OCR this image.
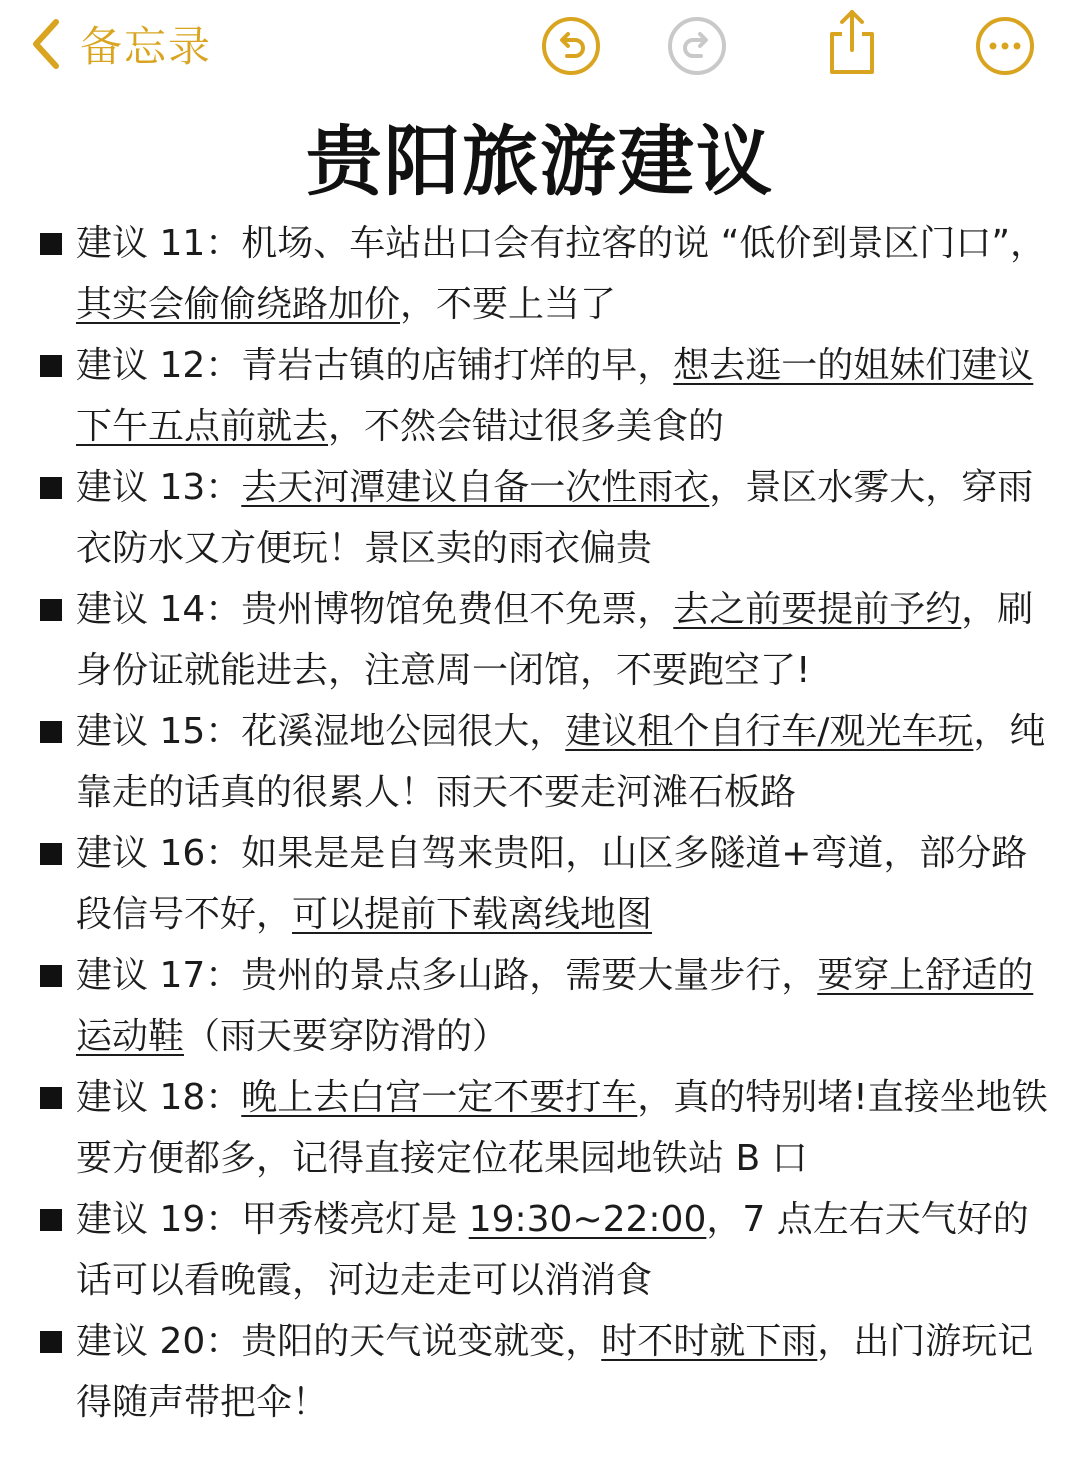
备忘录
贵阳旅游建议
建议 11：机场、车站出口会有拉客的说 “低价到景区门口”，其实会偷偷绕路加价，不要上当了
建议 12：青岩古镇的店铺打烊的早，想去逛一的姐妹们建议下午五点前就去，不然会错过很多美食的
建议 13：去天河潭建议自备一次性雨衣，景区水雾大，穿雨衣防水又方便玩！景区卖的雨衣偏贵
建议 14：贵州博物馆免费但不免票，去之前要提前予约，刷身份证就能进去，注意周一闭馆，不要跑空了!
建议 15：花溪湿地公园很大，建议租个自行车/观光车玩，纯靠走的话真的很累人！雨天不要走河滩石板路
建议 16：如果是是自驾来贵阳，山区多隧道+弯道，部分路段信号不好，可以提前下载离线地图
建议 17：贵州的景点多山路，需要大量步行，要穿上舒适的运动鞋（雨天要穿防滑的）
建议 18：晚上去白宫一定不要打车，真的特别堵!直接坐地铁要方便都多，记得直接定位花果园地铁站 B 口
建议 19：甲秀楼亮灯是 19:30~22:00，7 点左右天气好的话可以看晚霞，河边走走可以消消食
建议 20：贵阳的天气说变就变，时不时就下雨，出门游玩记得随声带把伞！
